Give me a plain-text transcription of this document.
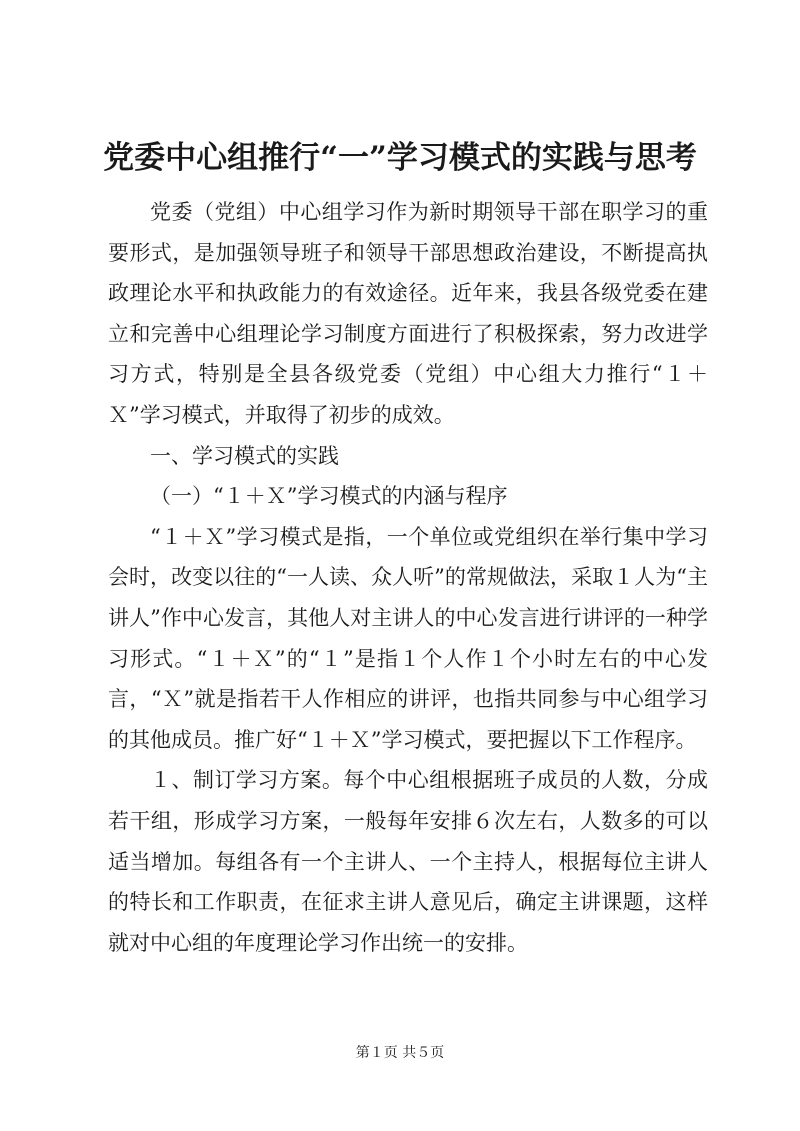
党委中心组推行“一”学习模式的实践与思考

党委（党组）中心组学习作为新时期领导干部在职学习的重要形式，是加强领导班子和领导干部思想政治建设，不断提高执政理论水平和执政能力的有效途径。近年来，我县各级党委在建立和完善中心组理论学习制度方面进行了积极探索，努力改进学习方式，特别是全县各级党委（党组）中心组大力推行“１＋Ｘ”学习模式，并取得了初步的成效。

一、学习模式的实践

（一）“１＋Ｘ”学习模式的内涵与程序

“１＋Ｘ”学习模式是指，一个单位或党组织在举行集中学习会时，改变以往的“一人读、众人听”的常规做法，采取１人为“主讲人”作中心发言，其他人对主讲人的中心发言进行讲评的一种学习形式。“１＋Ｘ”的“１”是指１个人作１个小时左右的中心发言，“Ｘ”就是指若干人作相应的讲评，也指共同参与中心组学习的其他成员。推广好“１＋Ｘ”学习模式，要把握以下工作程序。

１、制订学习方案。每个中心组根据班子成员的人数，分成若干组，形成学习方案，一般每年安排６次左右，人数多的可以适当增加。每组各有一个主讲人、一个主持人，根据每位主讲人的特长和工作职责，在征求主讲人意见后，确定主讲课题，这样就对中心组的年度理论学习作出统一的安排。

第１页 共５页
